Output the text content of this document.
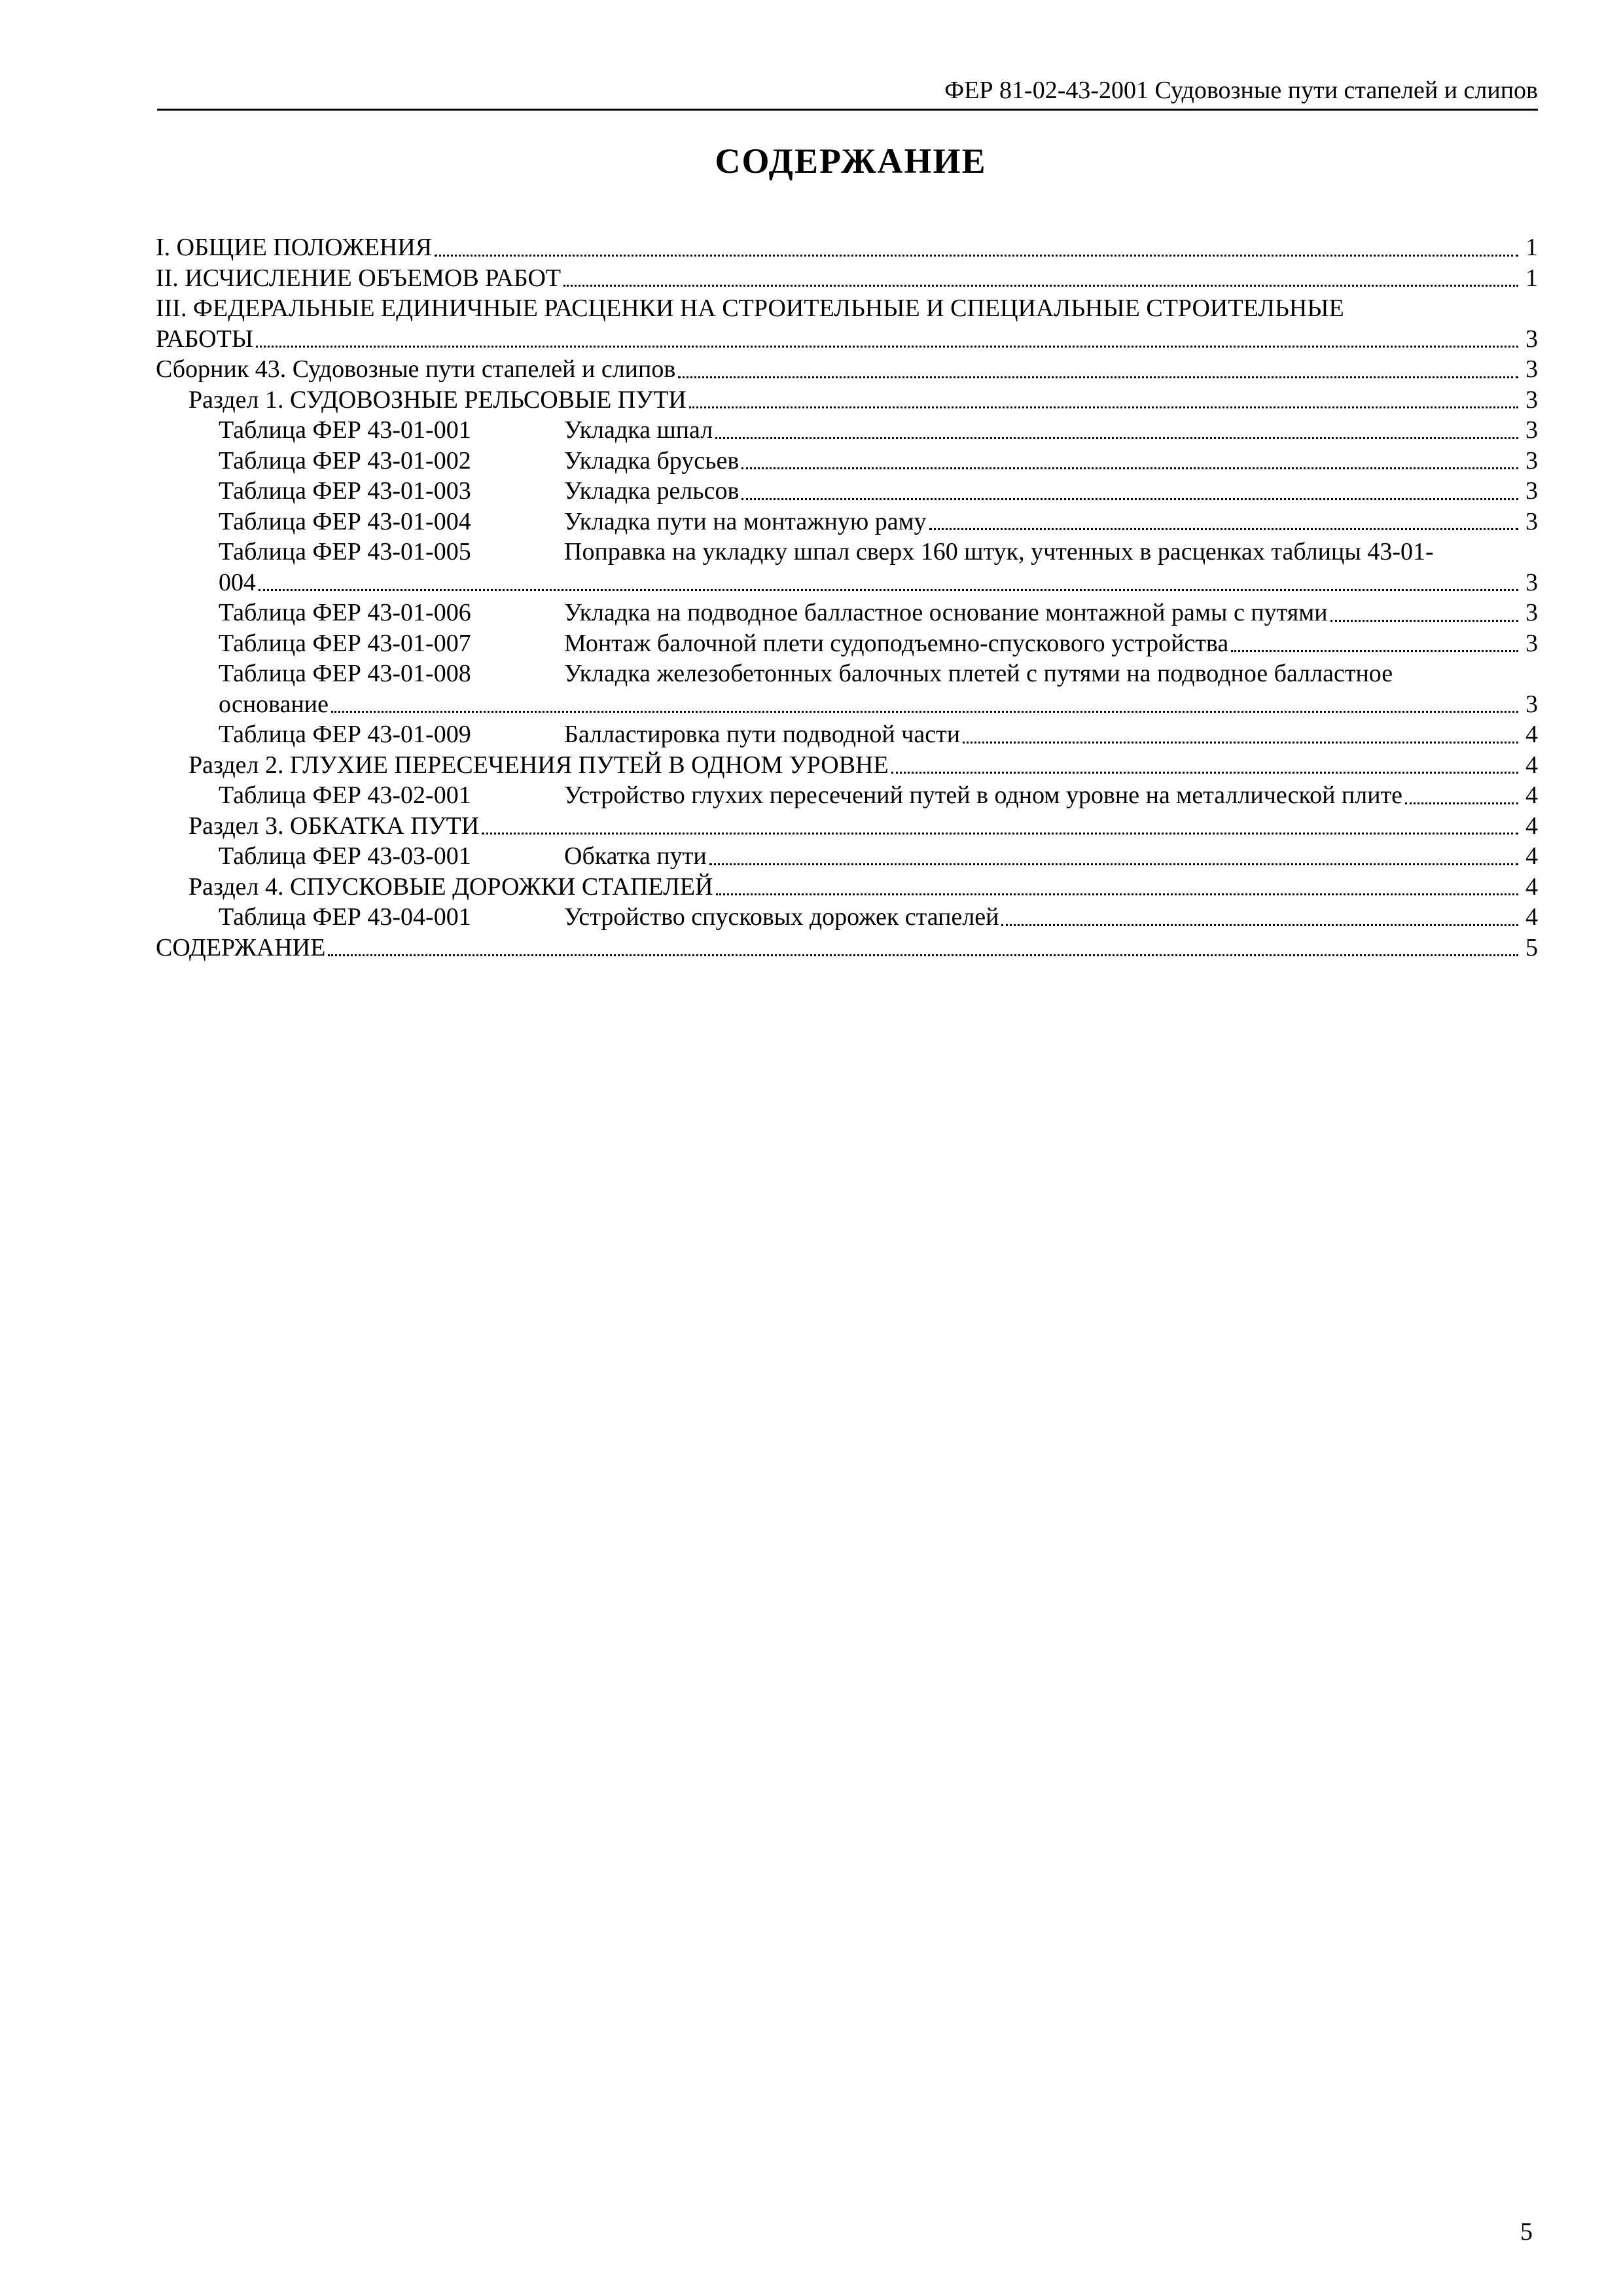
ФЕР 81-02-43-2001 Судовозные пути стапелей и слипов
СОДЕРЖАНИЕ
I. ОБЩИЕ ПОЛОЖЕНИЯ	1
II. ИСЧИСЛЕНИЕ ОБЪЕМОВ РАБОТ	1
III. ФЕДЕРАЛЬНЫЕ ЕДИНИЧНЫЕ РАСЦЕНКИ НА СТРОИТЕЛЬНЫЕ И СПЕЦИАЛЬНЫЕ СТРОИТЕЛЬНЫЕ
РАБОТЫ	3
Сборник 43. Судовозные пути стапелей и слипов	3
Раздел 1. СУДОВОЗНЫЕ РЕЛЬСОВЫЕ ПУТИ	3
Таблица ФЕР 43-01-001	Укладка шпал	3
Таблица ФЕР 43-01-002	Укладка брусьев	3
Таблица ФЕР 43-01-003	Укладка рельсов	3
Таблица ФЕР 43-01-004	Укладка пути на монтажную раму	3
Таблица ФЕР 43-01-005	Поправка на укладку шпал сверх 160 штук, учтенных в расценках таблицы 43-01-
004	3
Таблица ФЕР 43-01-006	Укладка на подводное балластное основание монтажной рамы с путями	3
Таблица ФЕР 43-01-007	Монтаж балочной плети судоподъемно-спускового устройства	3
Таблица ФЕР 43-01-008	Укладка железобетонных балочных плетей с путями на подводное балластное
основание	3
Таблица ФЕР 43-01-009	Балластировка пути подводной части	4
Раздел 2. ГЛУХИЕ ПЕРЕСЕЧЕНИЯ ПУТЕЙ В ОДНОМ УРОВНЕ	4
Таблица ФЕР 43-02-001	Устройство глухих пересечений путей в одном уровне на металлической плите	4
Раздел 3. ОБКАТКА ПУТИ	4
Таблица ФЕР 43-03-001	Обкатка пути	4
Раздел 4. СПУСКОВЫЕ ДОРОЖКИ СТАПЕЛЕЙ	4
Таблица ФЕР 43-04-001	Устройство спусковых дорожек стапелей	4
СОДЕРЖАНИЕ	5
5
